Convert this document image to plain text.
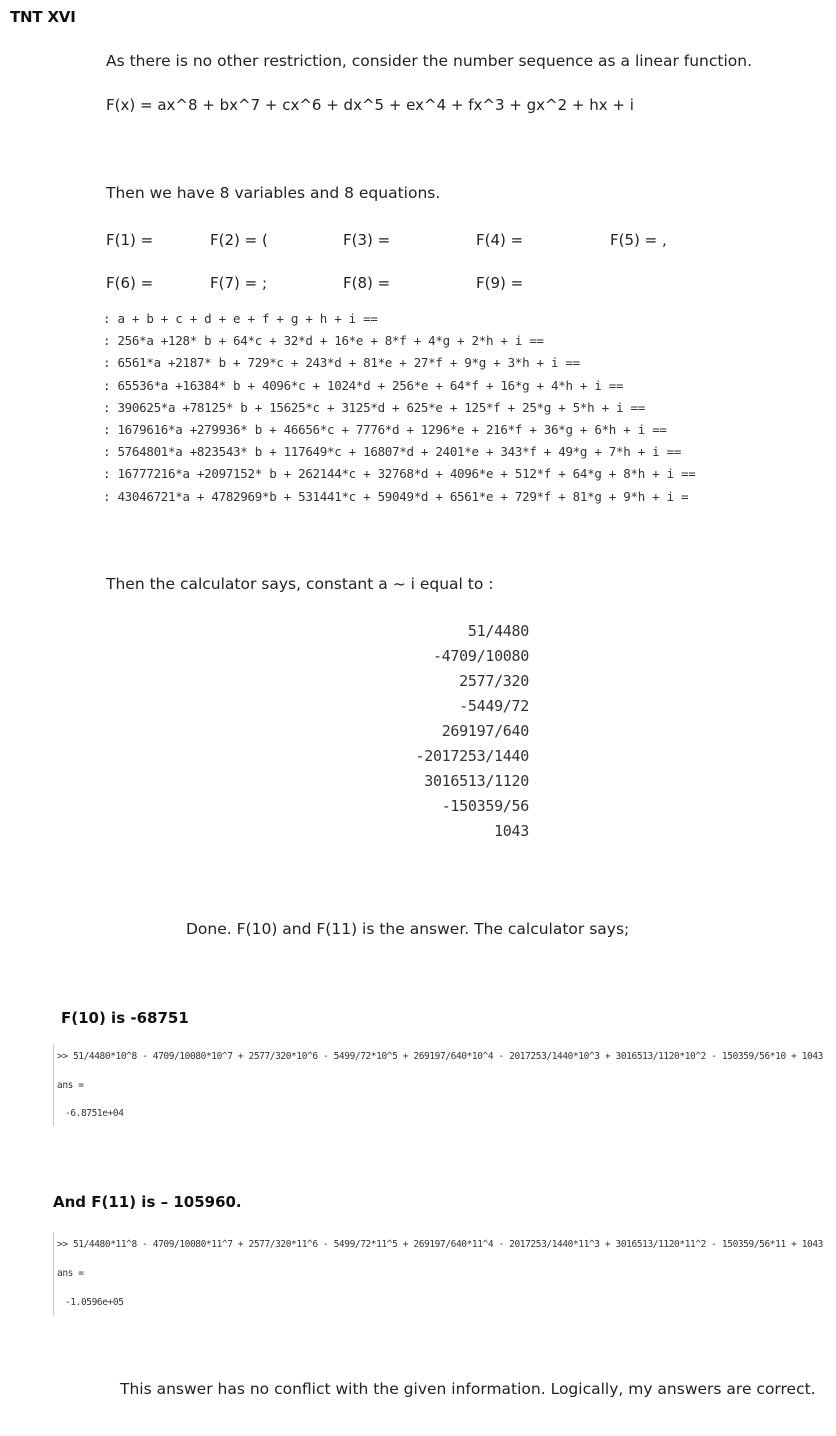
TNT XVI
As there is no other restriction, consider the number sequence as a linear function.
F(x) = ax^8 + bx^7 + cx^6 + dx^5 + ex^4 + fx^3 + gx^2 + hx + i
Then we have 8 variables and 8 equations.
F(1) =	F(2) = (	F(3) =	F(4) =	F(5) = ,
F(6) =	F(7) = ;	F(8) =	F(9) =
: a + b + c + d + e + f + g + h + i ==
: 256*a +128* b + 64*c + 32*d + 16*e + 8*f + 4*g + 2*h + i ==
: 6561*a +2187* b + 729*c + 243*d + 81*e + 27*f + 9*g + 3*h + i ==
: 65536*a +16384* b + 4096*c + 1024*d + 256*e + 64*f + 16*g + 4*h + i ==
: 390625*a +78125* b + 15625*c + 3125*d + 625*e + 125*f + 25*g + 5*h + i ==
: 1679616*a +279936* b + 46656*c + 7776*d + 1296*e + 216*f + 36*g + 6*h + i ==
: 5764801*a +823543* b + 117649*c + 16807*d + 2401*e + 343*f + 49*g + 7*h + i ==
: 16777216*a +2097152* b + 262144*c + 32768*d + 4096*e + 512*f + 64*g + 8*h + i ==
: 43046721*a + 4782969*b + 531441*c + 59049*d + 6561*e + 729*f + 81*g + 9*h + i =
Then the calculator says, constant a ~ i equal to :
51/4480
-4709/10080
2577/320
-5449/72
269197/640
-2017253/1440
3016513/1120
-150359/56
1043
Done. F(10) and F(11) is the answer. The calculator says;
F(10) is -68751
>> 51/4480*10^8 - 4709/10080*10^7 + 2577/320*10^6 - 5499/72*10^5 + 269197/640*10^4 - 2017253/1440*10^3 + 3016513/1120*10^2 - 150359/56*10 + 1043
ans =
-6.8751e+04
And F(11) is – 105960.
>> 51/4480*11^8 - 4709/10080*11^7 + 2577/320*11^6 - 5499/72*11^5 + 269197/640*11^4 - 2017253/1440*11^3 + 3016513/1120*11^2 - 150359/56*11 + 1043
ans =
-1.0596e+05
This answer has no conflict with the given information. Logically, my answers are correct.
